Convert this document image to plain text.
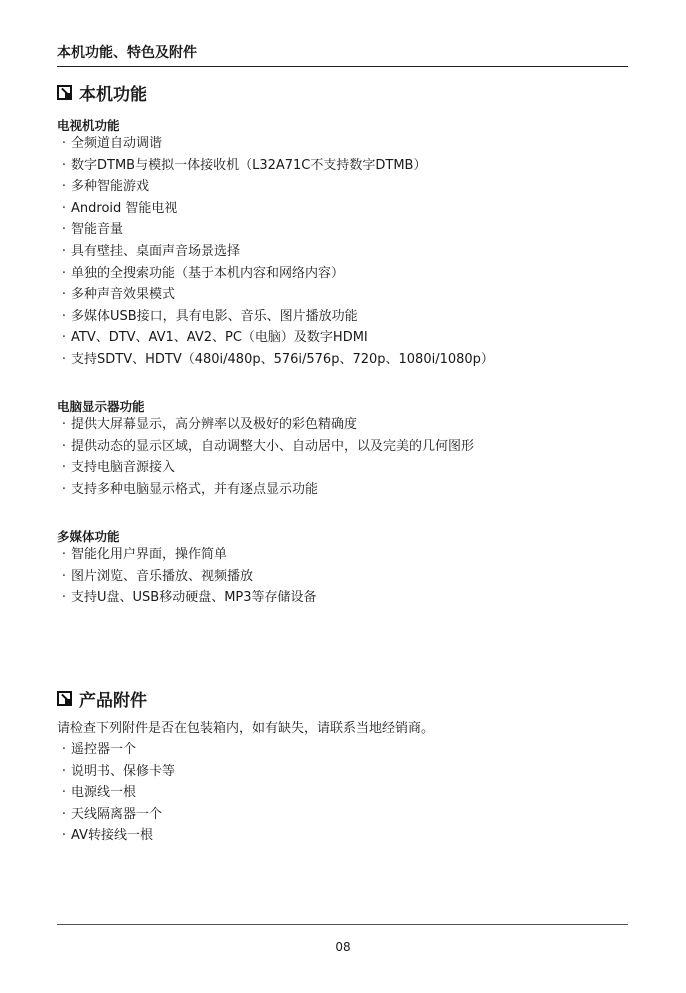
本机功能、特色及附件
本机功能
电视机功能
· 全频道自动调谐
· 数字DTMB与模拟一体接收机（L32A71C不支持数字DTMB）
· 多种智能游戏
· Android 智能电视
· 智能音量
· 具有壁挂、桌面声音场景选择
· 单独的全搜索功能（基于本机内容和网络内容）
· 多种声音效果模式
· 多媒体USB接口，具有电影、音乐、图片播放功能
· ATV、DTV、AV1、AV2、PC（电脑）及数字HDMI
· 支持SDTV、HDTV（480i/480p、576i/576p、720p、1080i/1080p）
电脑显示器功能
· 提供大屏幕显示，高分辨率以及极好的彩色精确度
· 提供动态的显示区域，自动调整大小、自动居中，以及完美的几何图形
· 支持电脑音源接入
· 支持多种电脑显示格式，并有逐点显示功能
多媒体功能
· 智能化用户界面，操作简单
· 图片浏览、音乐播放、视频播放
· 支持U盘、USB移动硬盘、MP3等存储设备
产品附件
请检查下列附件是否在包装箱内，如有缺失，请联系当地经销商。
· 遥控器一个
· 说明书、保修卡等
· 电源线一根
· 天线隔离器一个
· AV转接线一根
08
